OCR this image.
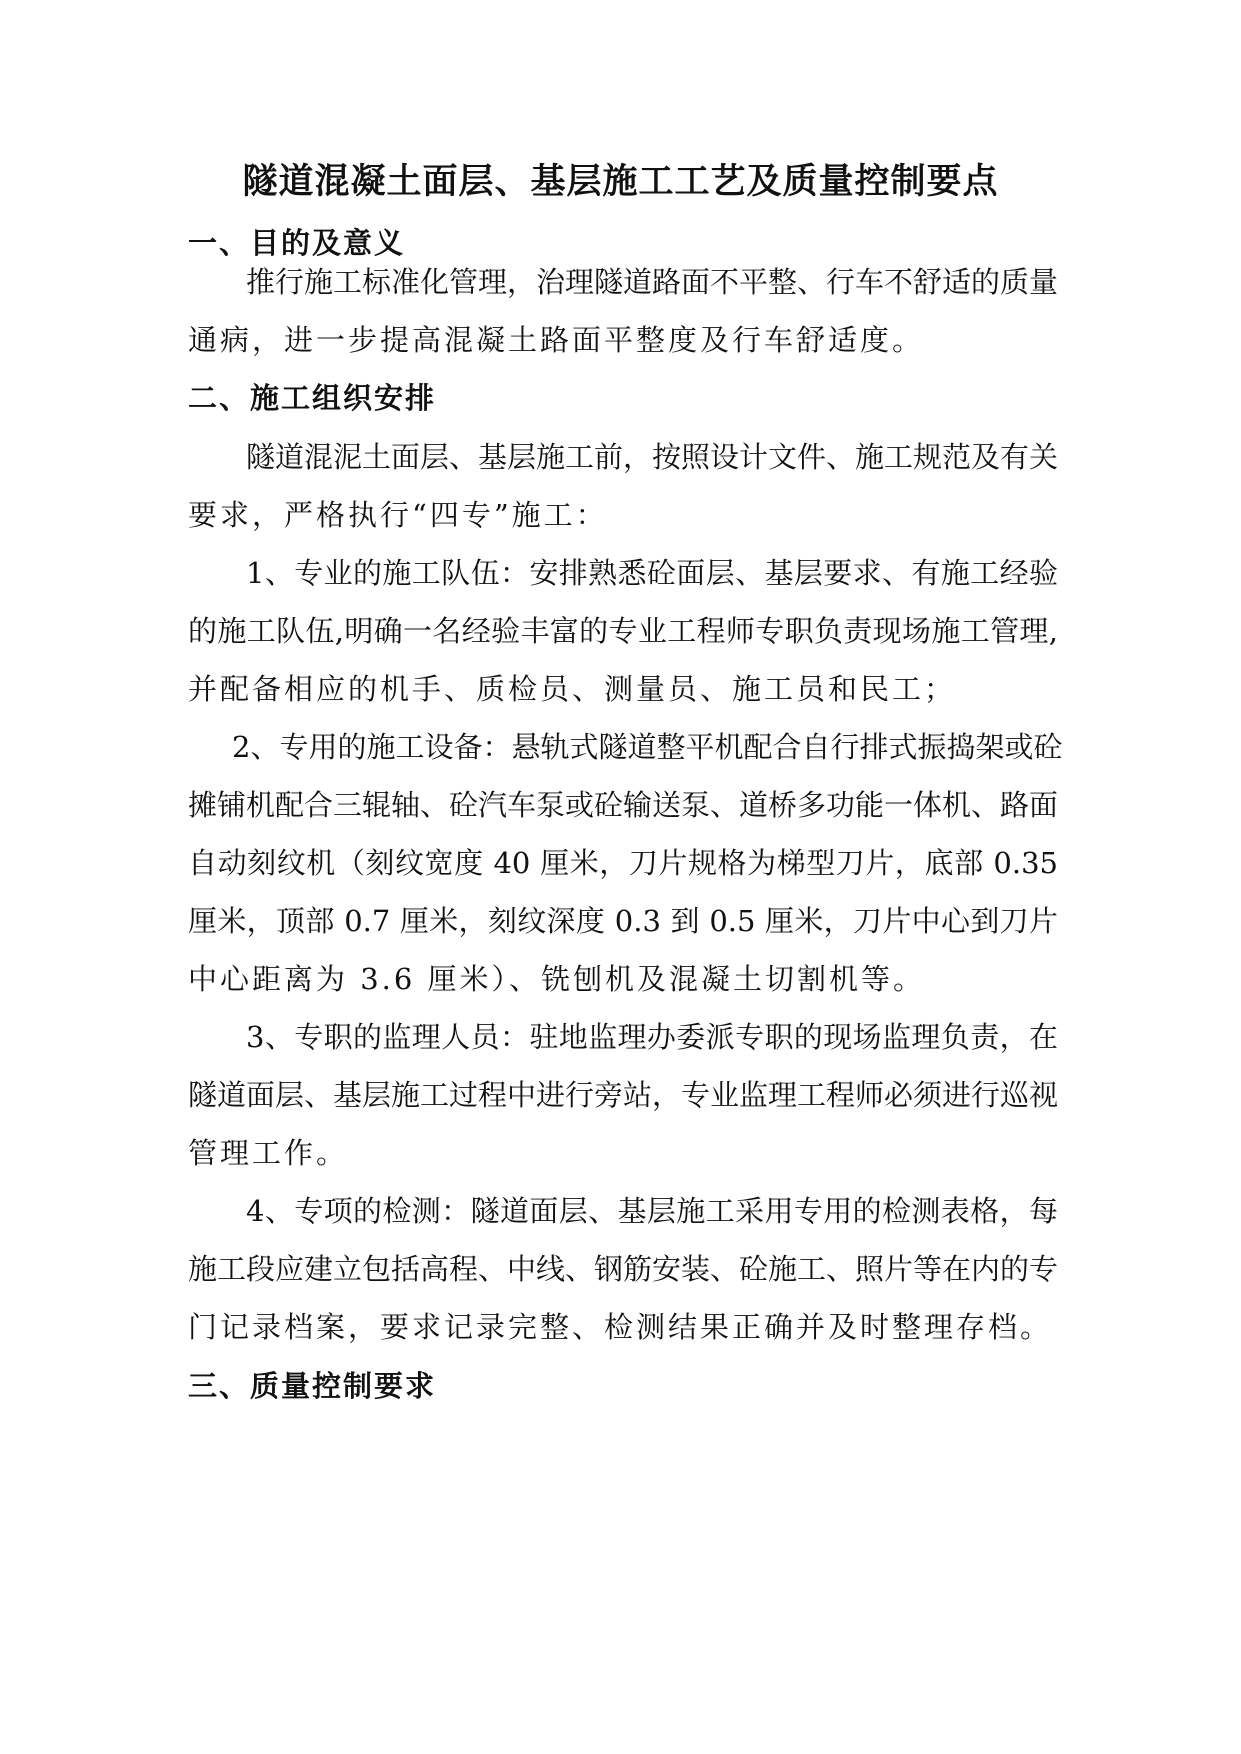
隧道混凝土面层、基层施工工艺及质量控制要点
一、目的及意义
推行施工标准化管理，治理隧道路面不平整、行车不舒适的质量
通病，进一步提高混凝土路面平整度及行车舒适度。
二、施工组织安排
隧道混泥土面层、基层施工前，按照设计文件、施工规范及有关
要求，严格执行“四专”施工：
1、专业的施工队伍：安排熟悉砼面层、基层要求、有施工经验
的施工队伍,明确一名经验丰富的专业工程师专职负责现场施工管理,
并配备相应的机手、质检员、测量员、施工员和民工；
2、专用的施工设备：悬轨式隧道整平机配合自行排式振捣架或砼
摊铺机配合三辊轴、砼汽车泵或砼输送泵、道桥多功能一体机、路面
自动刻纹机（刻纹宽度 40 厘米，刀片规格为梯型刀片，底部 0.35
厘米，顶部 0.7 厘米，刻纹深度 0.3 到 0.5 厘米，刀片中心到刀片
中心距离为 3.6 厘米）、铣刨机及混凝土切割机等。
3、专职的监理人员：驻地监理办委派专职的现场监理负责，在
隧道面层、基层施工过程中进行旁站，专业监理工程师必须进行巡视
管理工作。
4、专项的检测：隧道面层、基层施工采用专用的检测表格，每
施工段应建立包括高程、中线、钢筋安装、砼施工、照片等在内的专
门记录档案，要求记录完整、检测结果正确并及时整理存档。
三、质量控制要求
